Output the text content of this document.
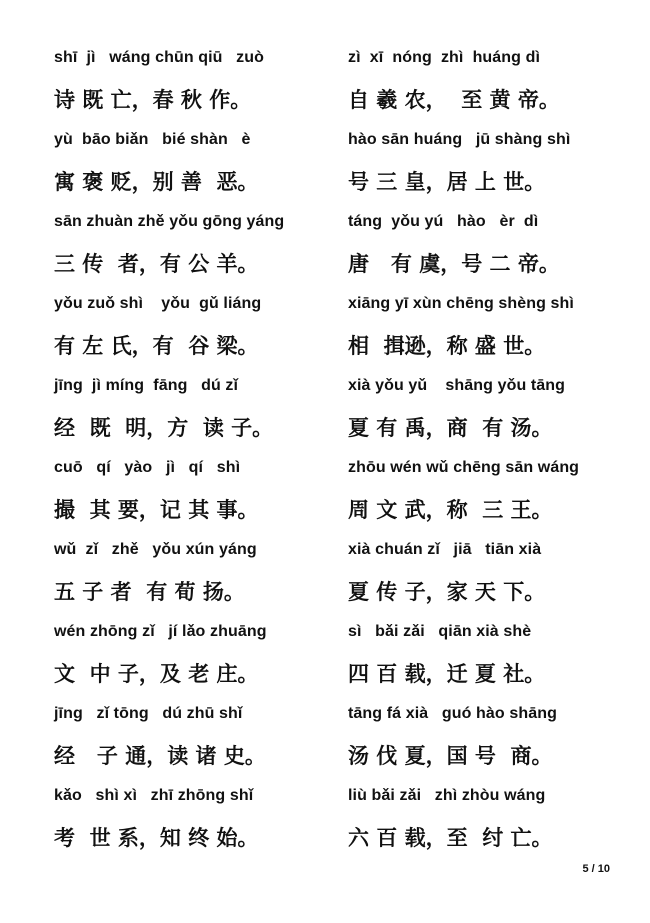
shī  jì   wáng chūn qiū   zuò
诗 既 亡，春 秋 作。
yù  bāo biǎn   bié shàn   è
寓 褒 贬，别 善  恶。
sān zhuàn zhě yǒu gōng yáng
三 传  者，有 公 羊。
yǒu zuǒ shì    yǒu  gǔ liáng
有 左 氏，有  谷 梁。
jīng  jì míng  fāng   dú zǐ
经  既  明，方  读 子。
cuō   qí   yào   jì   qí   shì
撮  其 要，记 其 事。
wǔ  zǐ   zhě   yǒu xún yáng
五 子 者  有 荀 扬。
wén zhōng zǐ   jí lǎo zhuāng
文  中 子，及 老 庄。
jīng   zǐ tōng   dú zhū shǐ
经   子 通，读 诸 史。
kǎo   shì xì   zhī zhōng shǐ
考  世 系，知 终 始。
zì  xī  nóng  zhì  huáng dì
自 羲 农，  至 黄 帝。
hào sān huáng   jū shàng shì
号 三 皇，居 上 世。
táng  yǒu yú   hào   èr  dì
唐   有 虞，号 二 帝。
xiāng yī xùn chēng shèng shì
相  揖逊，称 盛 世。
xià yǒu yǔ    shāng yǒu tāng
夏 有 禹，商  有 汤。
zhōu wén wǔ chēng sān wáng
周 文 武，称  三 王。
xià chuán zǐ   jiā   tiān xià
夏 传 子，家 天 下。
sì   bǎi zǎi   qiān xià shè
四 百 载，迁 夏 社。
tāng fá xià   guó hào shāng
汤 伐 夏，国 号  商。
liù bǎi zǎi   zhì zhòu wáng
六 百 载，至  纣 亡。
5 / 10
